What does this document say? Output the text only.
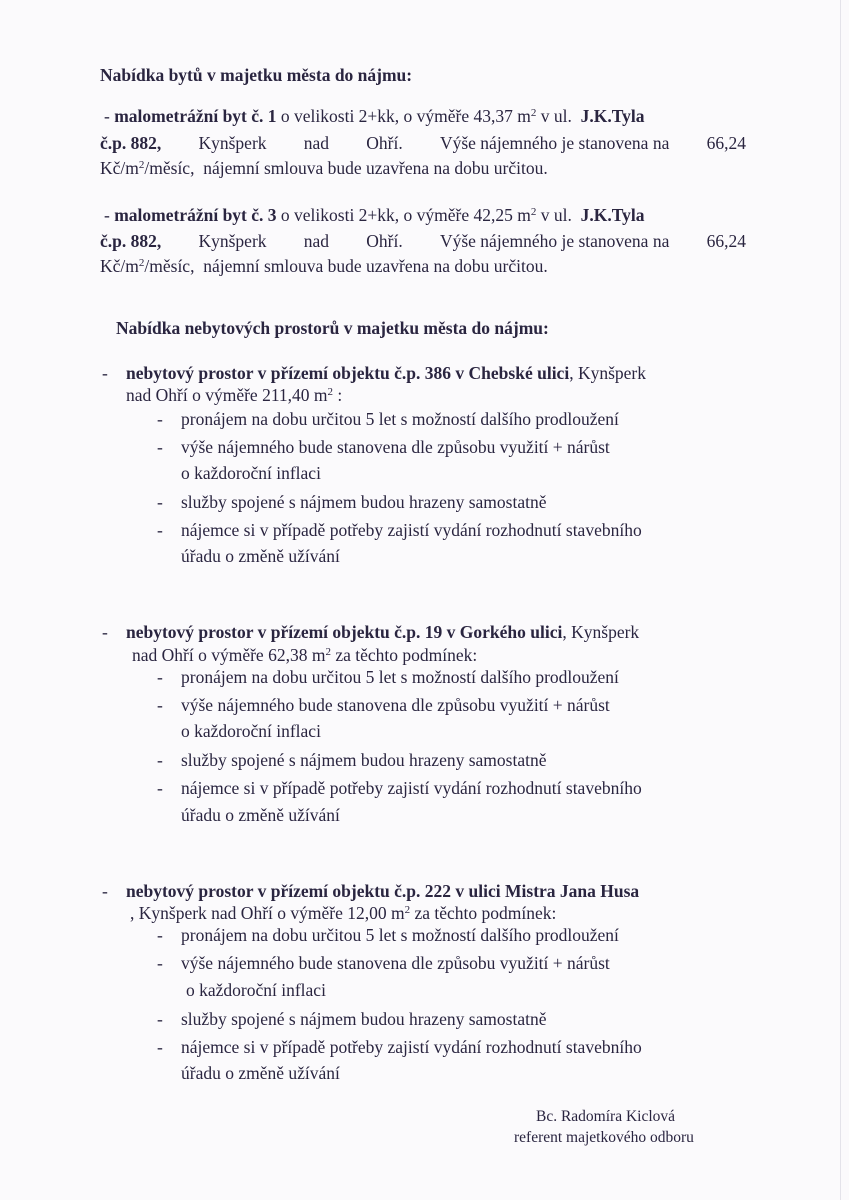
Nabídka bytů v majetku města do nájmu:
- malometrážní byt č. 1 o velikosti 2+kk, o výměře 43,37 $m^2$ v ul. J.K.Tyla
č.p. 882, Kynšperk nad Ohří. Výše nájemného je stanovena na 66,24
$Kč/m^2$/měsíc, nájemní smlouva bude uzavřena na dobu určitou.
- malometrážní byt č. 3 o velikosti 2+kk, o výměře 42,25 $m^2$ v ul. J.K.Tyla
č.p. 882, Kynšperk nad Ohří. Výše nájemného je stanovena na 66,24
$Kč/m^2$/měsíc, nájemní smlouva bude uzavřena na dobu určitou.
Nabídka nebytových prostorů v majetku města do nájmu:
- nebytový prostor v přízemí objektu č.p. 386 v Chebské ulici, Kynšperk
nad Ohří o výměře 211,40 $m^2$ :
- pronájem na dobu určitou 5 let s možností dalšího prodloužení
- výše nájemného bude stanovena dle způsobu využití + nárůst
o každoroční inflaci
- služby spojené s nájmem budou hrazeny samostatně
- nájemce si v případě potřeby zajistí vydání rozhodnutí stavebního
úřadu o změně užívání
- nebytový prostor v přízemí objektu č.p. 19 v Gorkého ulici, Kynšperk
nad Ohří o výměře 62,38 $m^2$ za těchto podmínek:
- pronájem na dobu určitou 5 let s možností dalšího prodloužení
- výše nájemného bude stanovena dle způsobu využití + nárůst
o každoroční inflaci
- služby spojené s nájmem budou hrazeny samostatně
- nájemce si v případě potřeby zajistí vydání rozhodnutí stavebního
úřadu o změně užívání
- nebytový prostor v přízemí objektu č.p. 222 v ulici Mistra Jana Husa
, Kynšperk nad Ohří o výměře 12,00 $m^2$ za těchto podmínek:
- pronájem na dobu určitou 5 let s možností dalšího prodloužení
- výše nájemného bude stanovena dle způsobu využití + nárůst
o každoroční inflaci
- služby spojené s nájmem budou hrazeny samostatně
- nájemce si v případě potřeby zajistí vydání rozhodnutí stavebního
úřadu o změně užívání
Bc. Radomíra Kiclová
referent majetkového odboru
